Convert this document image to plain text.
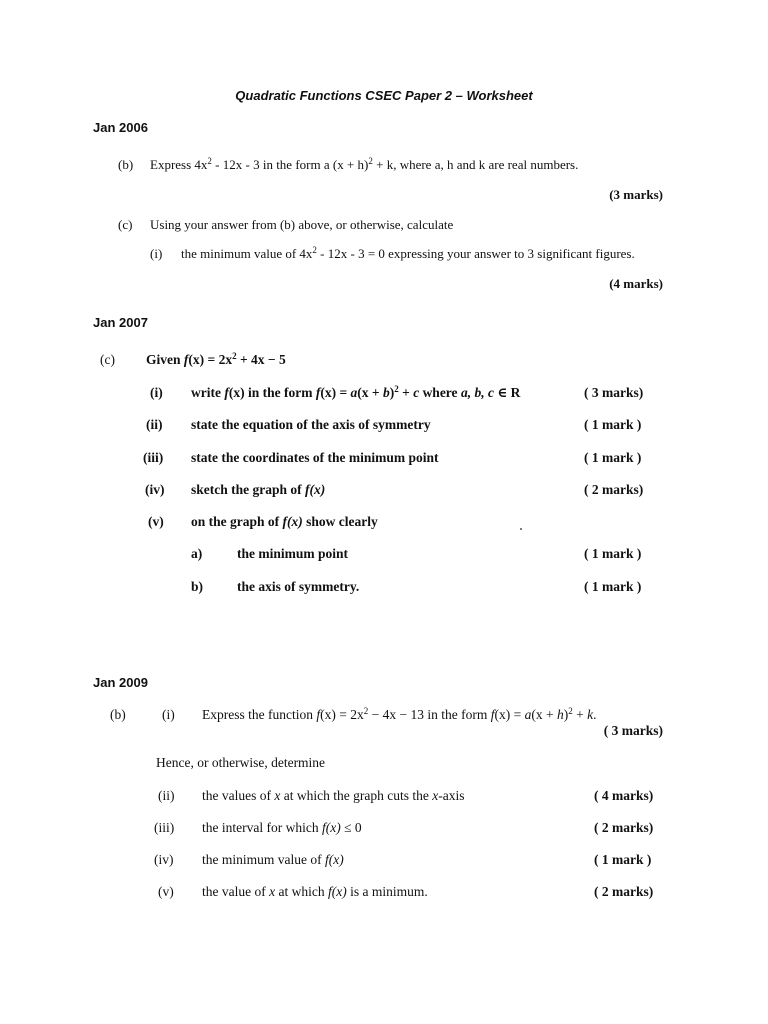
Quadratic Functions CSEC Paper 2 – Worksheet
Jan 2006
(b) Express $4x^2 - 12x - 3$ in the form a $(x + h)^2 + k$, where a, h and k are real numbers.
(3 marks)
(c) Using your answer from (b) above, or otherwise, calculate
(i) the minimum value of $4x^2 - 12x - 3 = 0$ expressing your answer to 3 significant figures.
(4 marks)
Jan 2007
(c) Given $f(x) = 2x^2 + 4x - 5$
(i) write f(x) in the form $f(x) = a(x + b)^2 + c$ where a, b, c ∈ R	( 3 marks)
(ii) state the equation of the axis of symmetry	( 1 mark )
(iii) state the coordinates of the minimum point	( 1 mark )
(iv) sketch the graph of f(x)	( 2 marks)
(v) on the graph of f(x) show clearly
a)	the minimum point	( 1 mark )
b)	the axis of symmetry.	( 1 mark )
Jan 2009
(b)	(i) Express the function $f(x) = 2x^2 - 4x - 13$ in the form $f(x) = a(x + h)^2 + k$.
( 3 marks)
Hence, or otherwise, determine
(ii) the values of x at which the graph cuts the x-axis	( 4 marks)
(iii) the interval for which f(x) ≤ 0	( 2 marks)
(iv) the minimum value of f(x)	( 1 mark )
(v) the value of x at which f(x) is a minimum.	( 2 marks)
